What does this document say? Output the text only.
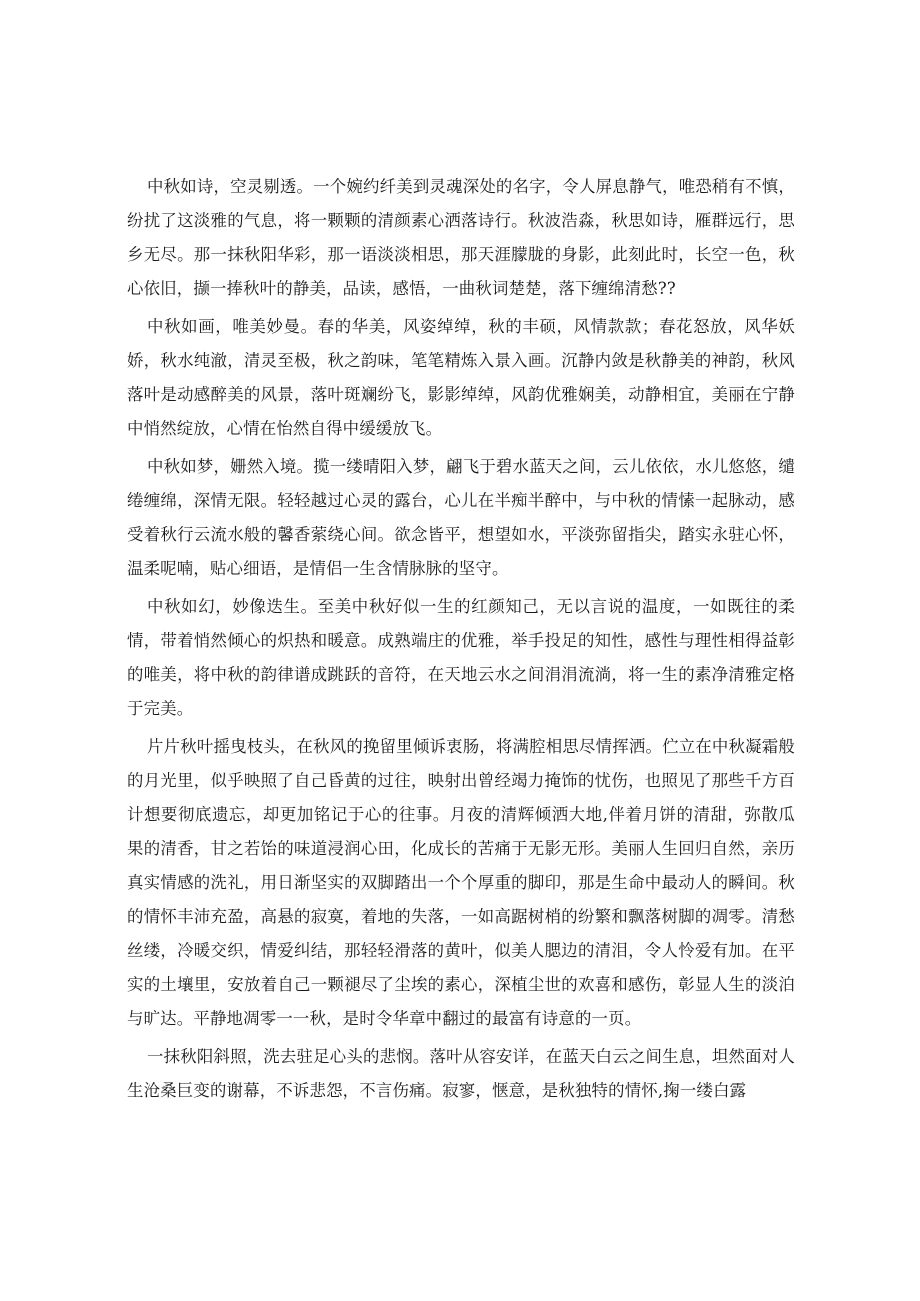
中秋如诗，空灵剔透。一个婉约纤美到灵魂深处的名字，令人屏息静气，唯恐稍有不慎，纷扰了这淡雅的气息，将一颗颗的清颜素心洒落诗行。秋波浩淼，秋思如诗，雁群远行，思乡无尽。那一抹秋阳华彩，那一语淡淡相思，那天涯朦胧的身影，此刻此时，长空一色，秋心依旧，撷一捧秋叶的静美，品读，感悟，一曲秋词楚楚，落下缠绵清愁??

中秋如画，唯美妙曼。春的华美，风姿绰绰，秋的丰硕，风情款款；春花怒放，风华妖娇，秋水纯澈，清灵至极，秋之韵味，笔笔精炼入景入画。沉静内敛是秋静美的神韵，秋风落叶是动感醉美的风景，落叶斑斓纷飞，影影绰绰，风韵优雅娴美，动静相宜，美丽在宁静中悄然绽放，心情在怡然自得中缓缓放飞。

中秋如梦，姗然入境。揽一缕晴阳入梦，翩飞于碧水蓝天之间，云儿依依，水儿悠悠，缱绻缠绵，深情无限。轻轻越过心灵的露台，心儿在半痴半醉中，与中秋的情愫一起脉动，感受着秋行云流水般的馨香萦绕心间。欲念皆平，想望如水，平淡弥留指尖，踏实永驻心怀，温柔呢喃，贴心细语，是情侣一生含情脉脉的坚守。

中秋如幻，妙像迭生。至美中秋好似一生的红颜知己，无以言说的温度，一如既往的柔情，带着悄然倾心的炽热和暖意。成熟端庄的优雅，举手投足的知性，感性与理性相得益彰的唯美，将中秋的韵律谱成跳跃的音符，在天地云水之间涓涓流淌，将一生的素净清雅定格于完美。

片片秋叶摇曳枝头，在秋风的挽留里倾诉衷肠，将满腔相思尽情挥洒。伫立在中秋凝霜般的月光里，似乎映照了自己昏黄的过往，映射出曾经竭力掩饰的忧伤，也照见了那些千方百计想要彻底遗忘，却更加铭记于心的往事。月夜的清辉倾洒大地,伴着月饼的清甜，弥散瓜果的清香，甘之若饴的味道浸润心田，化成长的苦痛于无影无形。美丽人生回归自然，亲历真实情感的洗礼，用日渐坚实的双脚踏出一个个厚重的脚印，那是生命中最动人的瞬间。秋的情怀丰沛充盈，高悬的寂寞，着地的失落，一如高踞树梢的纷繁和飘落树脚的凋零。清愁丝缕，冷暖交织，情爱纠结，那轻轻滑落的黄叶，似美人腮边的清泪，令人怜爱有加。在平实的土壤里，安放着自己一颗褪尽了尘埃的素心，深植尘世的欢喜和感伤，彰显人生的淡泊与旷达。平静地凋零一一秋，是时令华章中翻过的最富有诗意的一页。

一抹秋阳斜照，洗去驻足心头的悲悯。落叶从容安详，在蓝天白云之间生息，坦然面对人生沧桑巨变的谢幕，不诉悲怨，不言伤痛。寂寥，惬意，是秋独特的情怀,掬一缕白露
